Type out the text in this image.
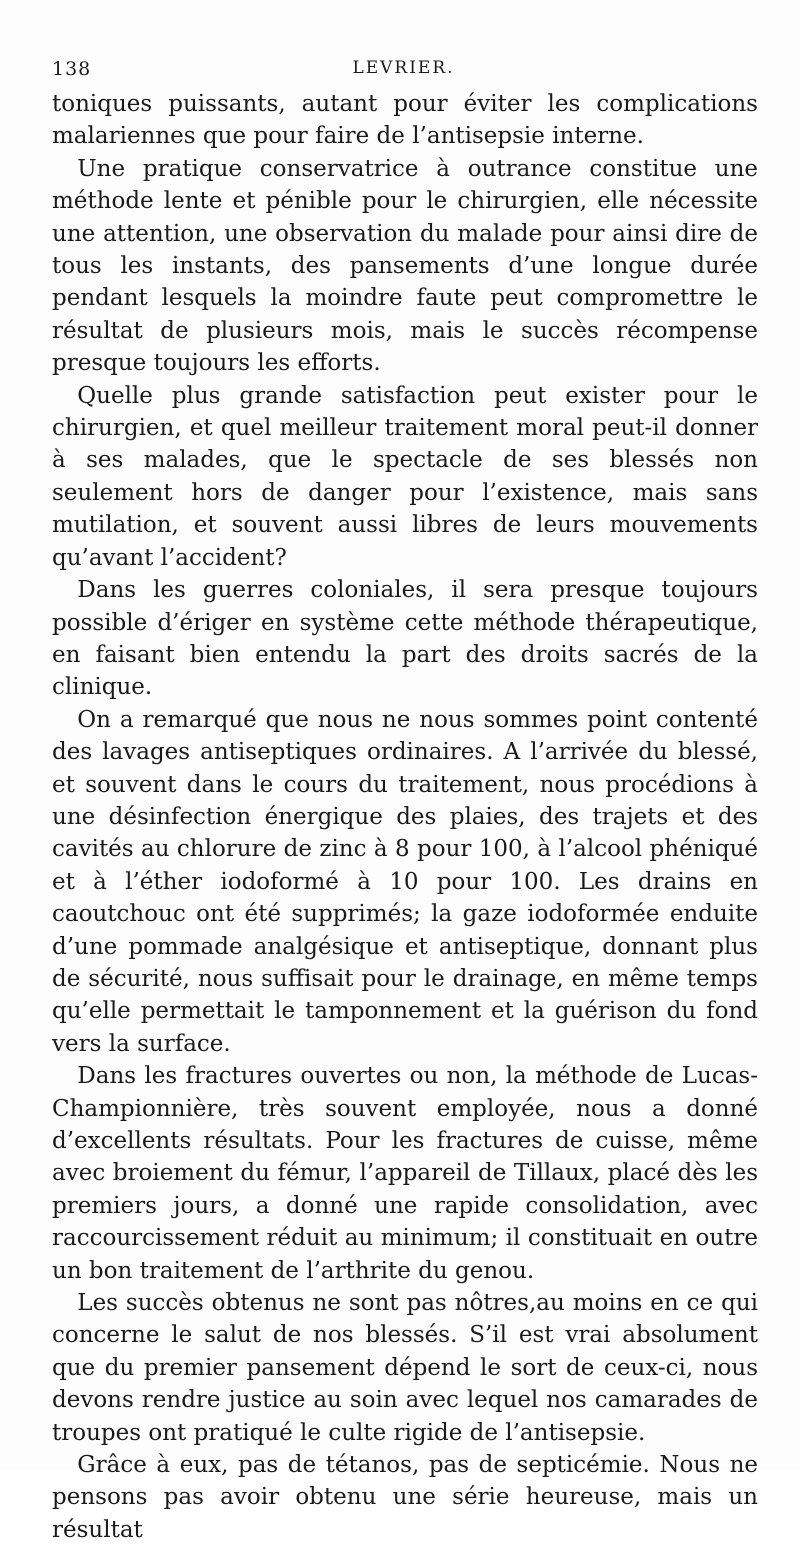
138	LEVRIER.

toniques puissants, autant pour éviter les complications malariennes que pour faire de l’antisepsie interne.

Une pratique conservatrice à outrance constitue une méthode lente et pénible pour le chirurgien, elle nécessite une attention, une observation du malade pour ainsi dire de tous les instants, des pansements d’une longue durée pendant lesquels la moindre faute peut compromettre le résultat de plusieurs mois, mais le succès récompense presque toujours les efforts.

Quelle plus grande satisfaction peut exister pour le chirurgien, et quel meilleur traitement moral peut-il donner à ses malades, que le spectacle de ses blessés non seulement hors de danger pour l’existence, mais sans mutilation, et souvent aussi libres de leurs mouvements qu’avant l’accident?

Dans les guerres coloniales, il sera presque toujours possible d’ériger en système cette méthode thérapeutique, en faisant bien entendu la part des droits sacrés de la clinique.

On a remarqué que nous ne nous sommes point contenté des lavages antiseptiques ordinaires. A l’arrivée du blessé, et souvent dans le cours du traitement, nous procédions à une désinfection énergique des plaies, des trajets et des cavités au chlorure de zinc à 8 pour 100, à l’alcool phéniqué et à l’éther iodoformé à 10 pour 100. Les drains en caoutchouc ont été supprimés; la gaze iodoformée enduite d’une pommade analgésique et antiseptique, donnant plus de sécurité, nous suffisait pour le drainage, en même temps qu’elle permettait le tamponnement et la guérison du fond vers la surface.

Dans les fractures ouvertes ou non, la méthode de Lucas-Championnière, très souvent employée, nous a donné d’excellents résultats. Pour les fractures de cuisse, même avec broiement du fémur, l’appareil de Tillaux, placé dès les premiers jours, a donné une rapide consolidation, avec raccourcissement réduit au minimum; il constituait en outre un bon traitement de l’arthrite du genou.

Les succès obtenus ne sont pas nôtres,au moins en ce qui concerne le salut de nos blessés. S’il est vrai absolument que du premier pansement dépend le sort de ceux-ci, nous devons rendre justice au soin avec lequel nos camarades de troupes ont pratiqué le culte rigide de l’antisepsie.

Grâce à eux, pas de tétanos, pas de septicémie. Nous ne pensons pas avoir obtenu une série heureuse, mais un résultat
